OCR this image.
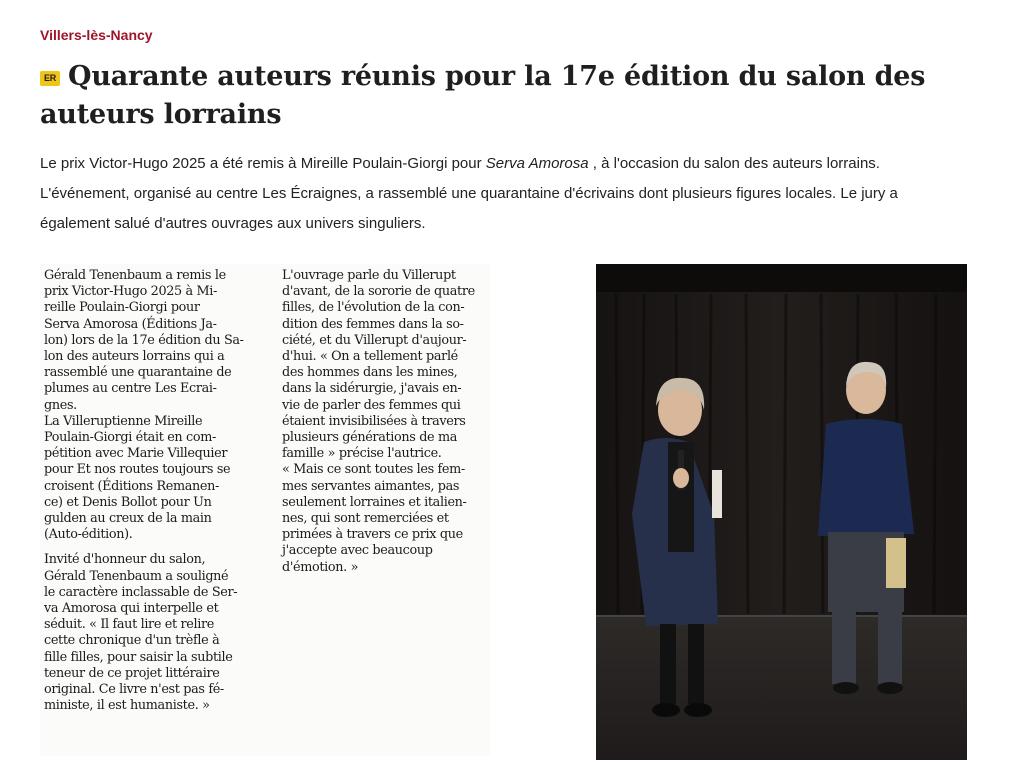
Villers-lès-Nancy
ER Quarante auteurs réunis pour la 17e édition du salon des auteurs lorrains
Le prix Victor-Hugo 2025 a été remis à Mireille Poulain-Giorgi pour Serva Amorosa , à l'occasion du salon des auteurs lorrains.
L'événement, organisé au centre Les Écraignes, a rassemblé une quarantaine d'écrivains dont plusieurs figures locales. Le jury a
également salué d'autres ouvrages aux univers singuliers.
Gérald Tenenbaum a remis le
prix Victor-Hugo 2025 à Mi-
reille Poulain-Giorgi pour
Serva Amorosa (Éditions Ja-
lon) lors de la 17e édition du Sa-
lon des auteurs lorrains qui a
rassemblé une quarantaine de
plumes au centre Les Ecrai-
gnes.
La Villeruptienne Mireille
Poulain-Giorgi était en com-
pétition avec Marie Villequier
pour Et nos routes toujours se
croisent (Éditions Remanen-
ce) et Denis Bollot pour Un
gulden au creux de la main
(Auto-édition).
Invité d'honneur du salon,
Gérald Tenenbaum a souligné
le caractère inclassable de Ser-
va Amorosa qui interpelle et
séduit. « Il faut lire et relire
cette chronique d'un trèfle à
fille filles, pour saisir la subtile
teneur de ce projet littéraire
original. Ce livre n'est pas fé-
ministe, il est humaniste. »
L'ouvrage parle du Villerupt
d'avant, de la sororie de quatre
filles, de l'évolution de la con-
dition des femmes dans la so-
ciété, et du Villerupt d'aujour-
d'hui. « On a tellement parlé
des hommes dans les mines,
dans la sidérurgie, j'avais en-
vie de parler des femmes qui
étaient invisibilisées à travers
plusieurs générations de ma
famille » précise l'autrice.
« Mais ce sont toutes les fem-
mes servantes aimantes, pas
seulement lorraines et italien-
nes, qui sont remerciées et
primées à travers ce prix que
j'accepte avec beaucoup
d'émotion. »
